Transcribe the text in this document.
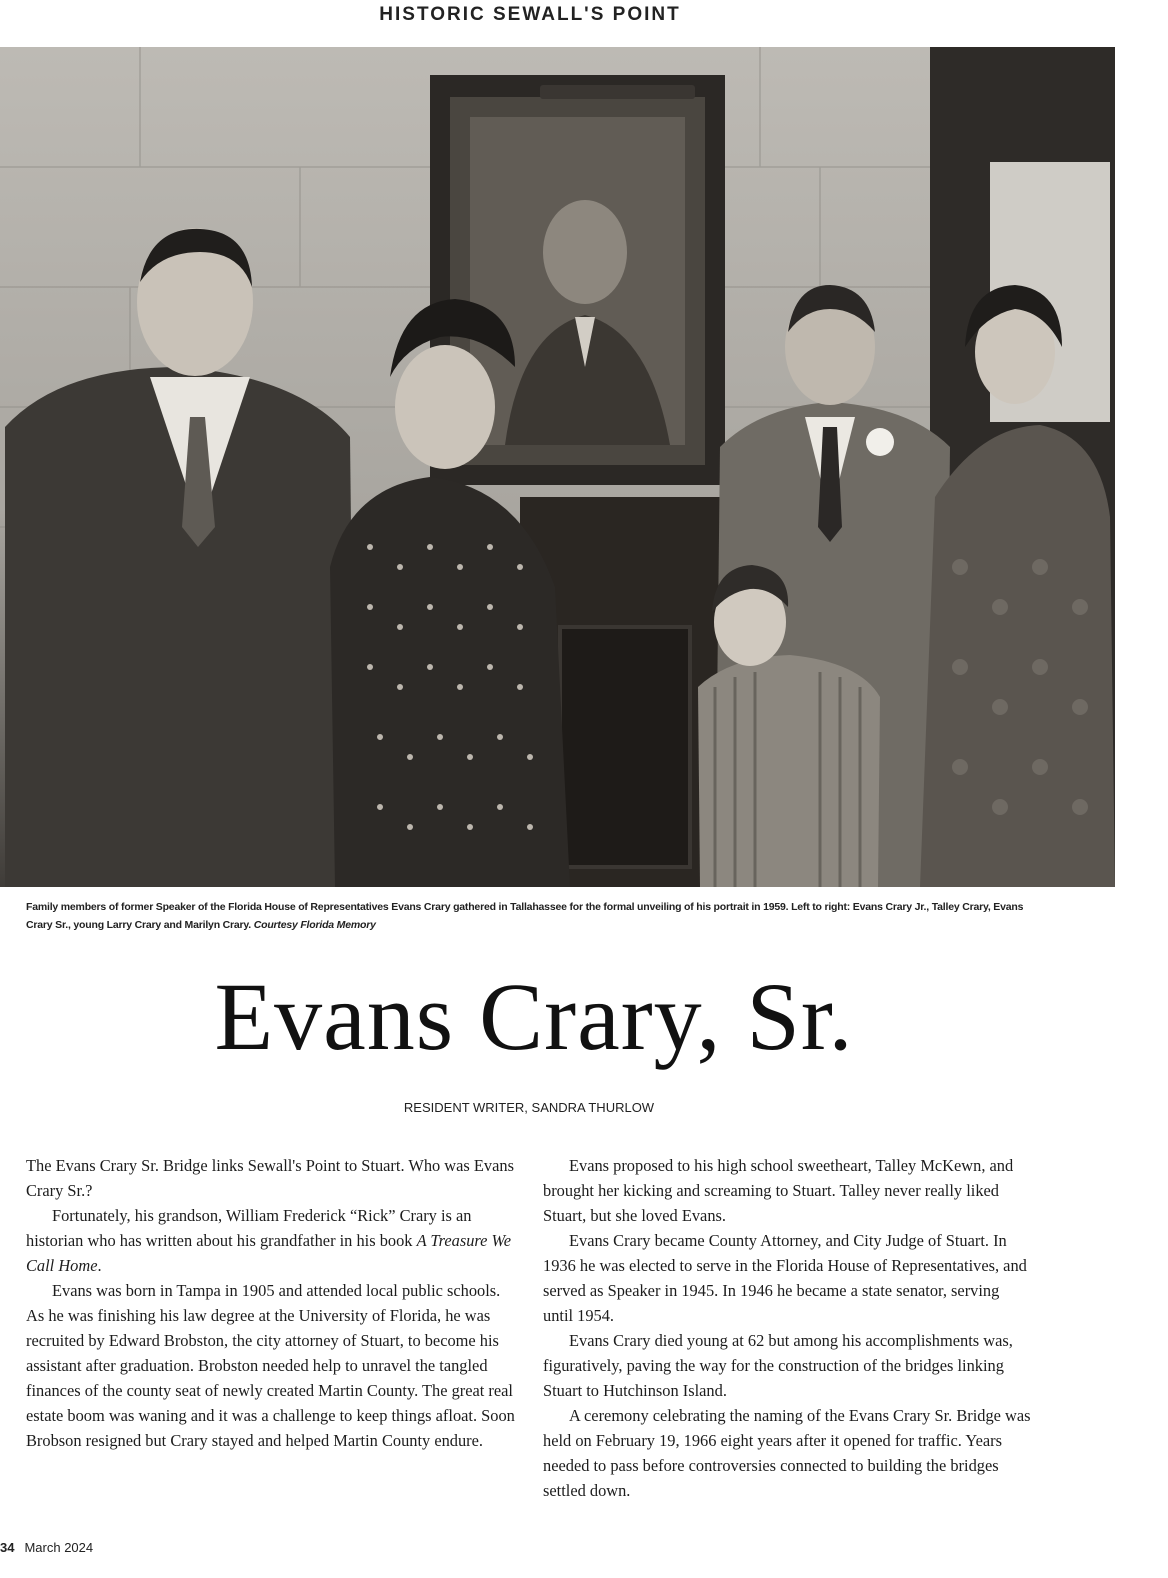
HISTORIC SEWALL'S POINT
Family members of former Speaker of the Florida House of Representatives Evans Crary gathered in Tallahassee for the formal unveiling of his portrait in 1959. Left to right: Evans Crary Jr., Talley Crary, Evans Crary Sr., young Larry Crary and Marilyn Crary. Courtesy Florida Memory
Evans Crary, Sr.
RESIDENT WRITER, SANDRA THURLOW

The Evans Crary Sr. Bridge links Sewall's Point to Stuart. Who was Evans Crary Sr.?

Fortunately, his grandson, William Frederick “Rick” Crary is an historian who has written about his grandfather in his book A Treasure We Call Home.

Evans was born in Tampa in 1905 and attended local public schools. As he was finishing his law degree at the University of Florida, he was recruited by Edward Brobston, the city attorney of Stuart, to become his assistant after graduation. Brobston needed help to unravel the tangled finances of the county seat of newly created Martin County. The great real estate boom was waning and it was a challenge to keep things afloat. Soon Brobson resigned but Crary stayed and helped Martin County endure.

Evans proposed to his high school sweetheart, Talley McKewn, and brought her kicking and screaming to Stuart. Talley never really liked Stuart, but she loved Evans.

Evans Crary became County Attorney, and City Judge of Stuart. In 1936 he was elected to serve in the Florida House of Representatives, and served as Speaker in 1945. In 1946 he became a state senator, serving until 1954.

Evans Crary died young at 62 but among his accomplishments was, figuratively, paving the way for the construction of the bridges linking Stuart to Hutchinson Island.

A ceremony celebrating the naming of the Evans Crary Sr. Bridge was held on February 19, 1966 eight years after it opened for traffic. Years needed to pass before controversies connected to building the bridges settled down.

34 March 2024
